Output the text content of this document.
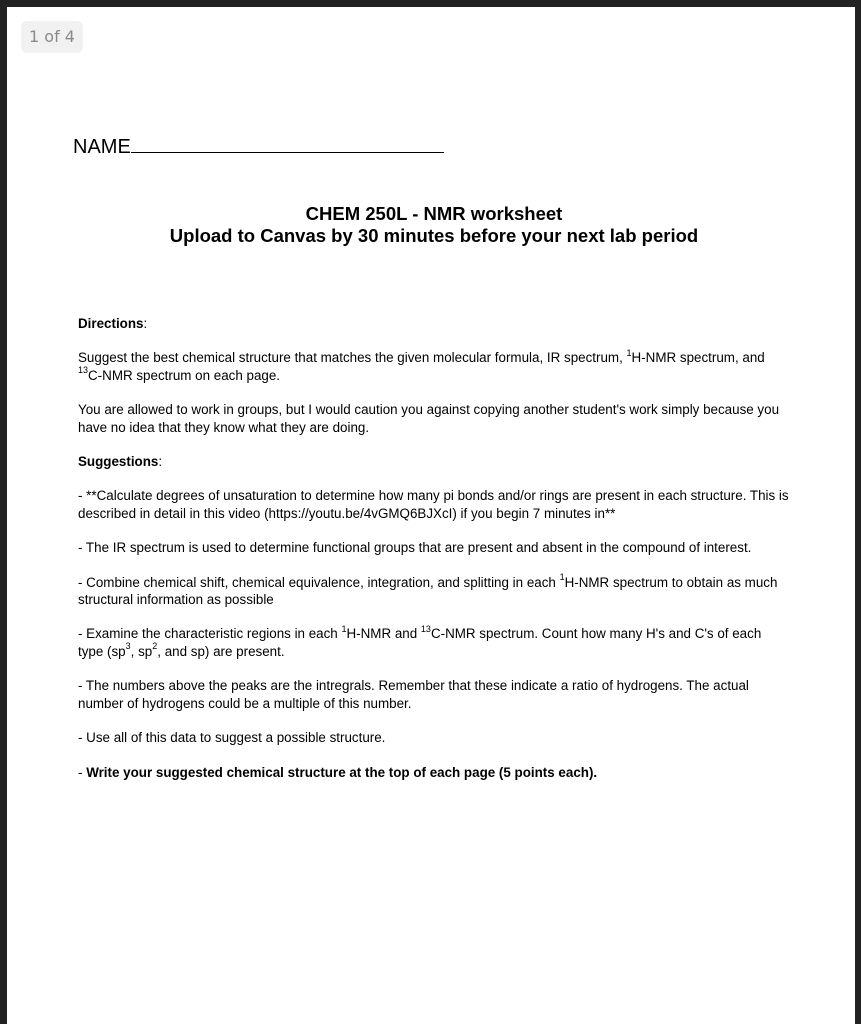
1 of 4
NAME
CHEM 250L - NMR worksheet
Upload to Canvas by 30 minutes before your next lab period

Directions:

Suggest the best chemical structure that matches the given molecular formula, IR spectrum, $^1$H-NMR spectrum, and $^{13}$C-NMR spectrum on each page.

You are allowed to work in groups, but I would caution you against copying another student's work simply because you have no idea that they know what they are doing.

Suggestions:

- **Calculate degrees of unsaturation to determine how many pi bonds and/or rings are present in each structure. This is described in detail in this video (https://youtu.be/4vGMQ6BJXcI) if you begin 7 minutes in**

- The IR spectrum is used to determine functional groups that are present and absent in the compound of interest.

- Combine chemical shift, chemical equivalence, integration, and splitting in each $^1$H-NMR spectrum to obtain as much structural information as possible

- Examine the characteristic regions in each $^1$H-NMR and $^{13}$C-NMR spectrum. Count how many H's and C's of each type ($sp^3$, $sp^2$, and sp) are present.

- The numbers above the peaks are the intregrals. Remember that these indicate a ratio of hydrogens. The actual number of hydrogens could be a multiple of this number.

- Use all of this data to suggest a possible structure.

- Write your suggested chemical structure at the top of each page (5 points each).
